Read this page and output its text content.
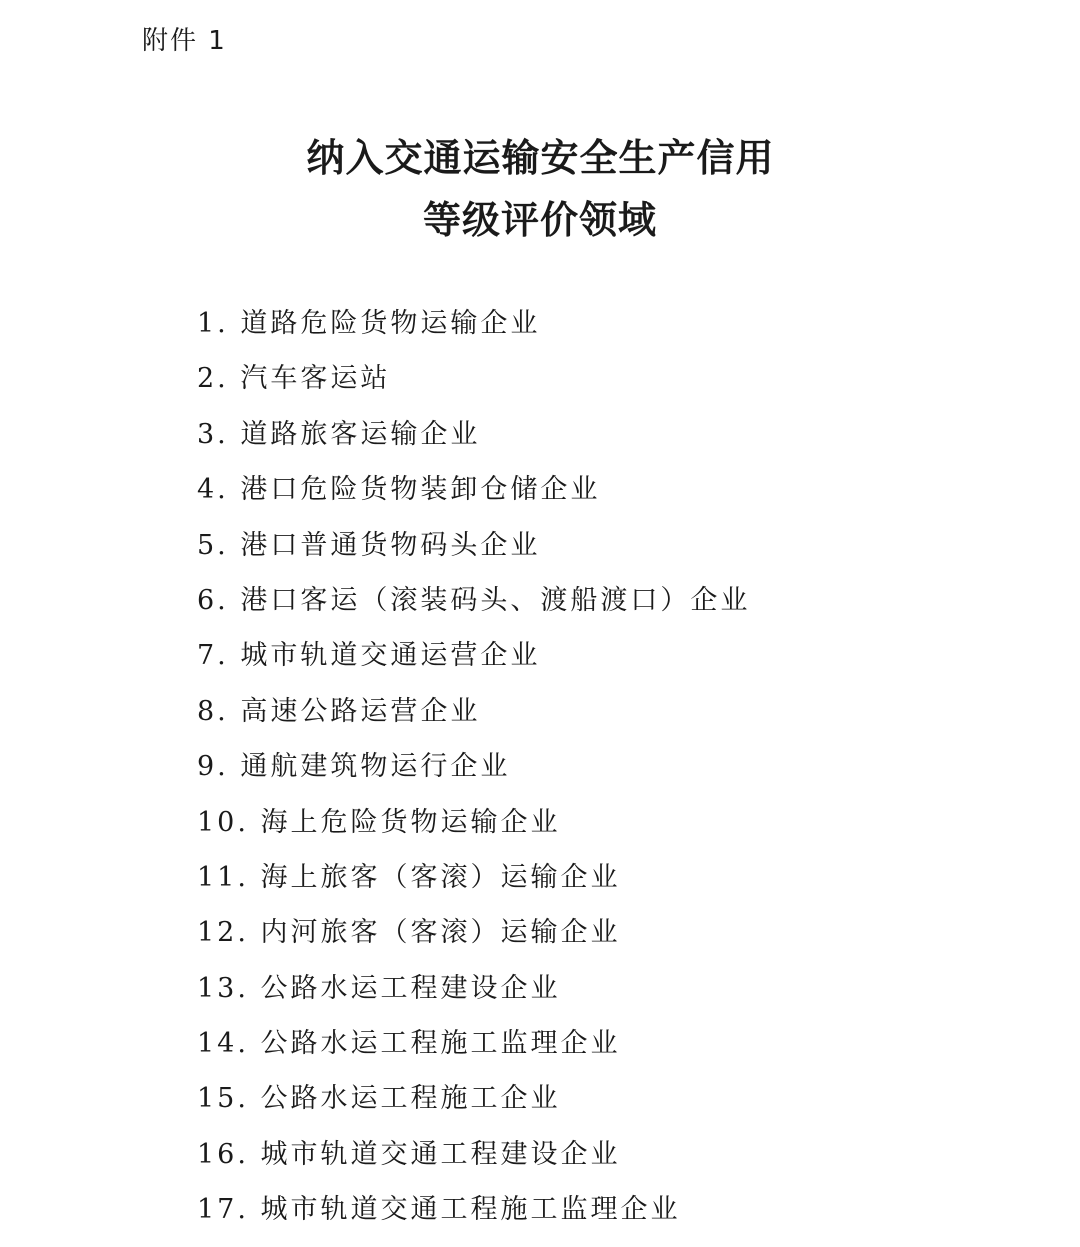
附件 1
纳入交通运输安全生产信用
等级评价领域
1. 道路危险货物运输企业
2. 汽车客运站
3. 道路旅客运输企业
4. 港口危险货物装卸仓储企业
5. 港口普通货物码头企业
6. 港口客运（滚装码头、渡船渡口）企业
7. 城市轨道交通运营企业
8. 高速公路运营企业
9. 通航建筑物运行企业
10. 海上危险货物运输企业
11. 海上旅客（客滚）运输企业
12. 内河旅客（客滚）运输企业
13. 公路水运工程建设企业
14. 公路水运工程施工监理企业
15. 公路水运工程施工企业
16. 城市轨道交通工程建设企业
17. 城市轨道交通工程施工监理企业
